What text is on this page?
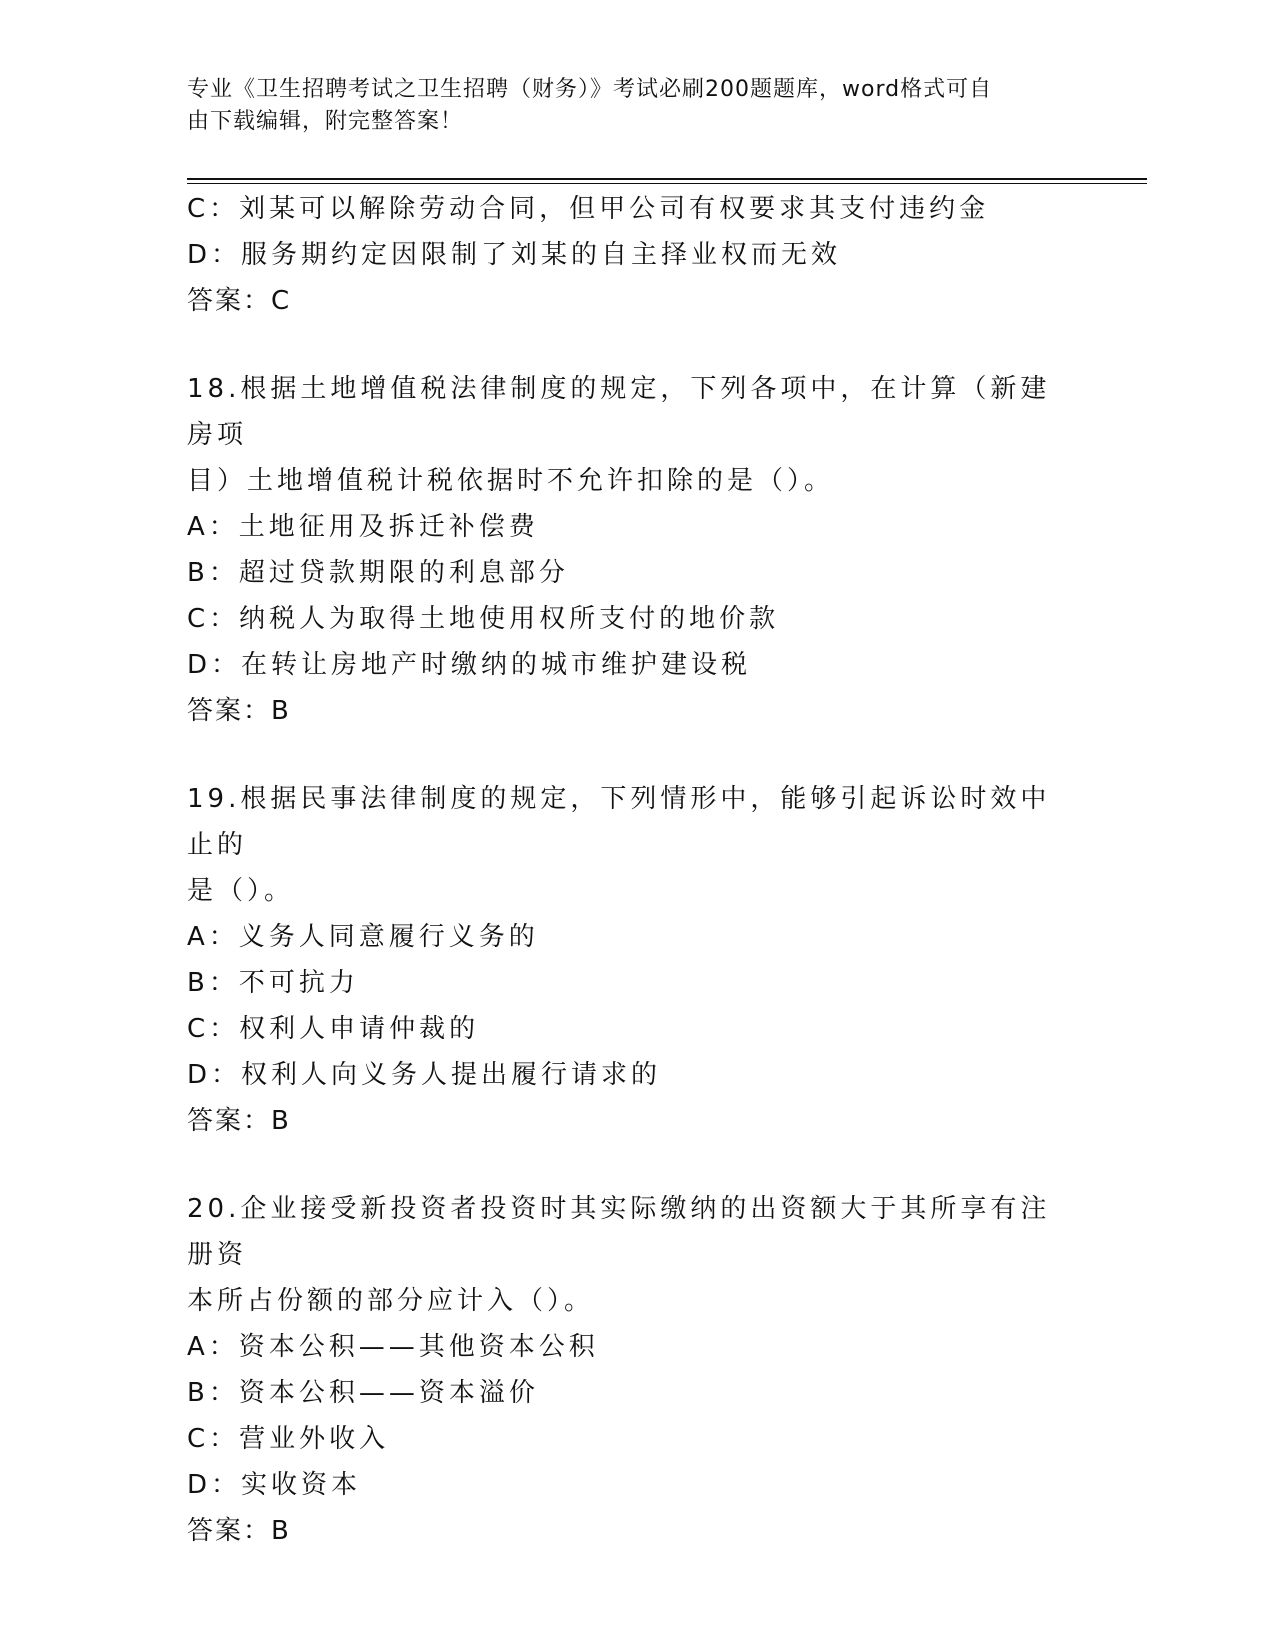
专业《卫生招聘考试之卫生招聘（财务）》考试必刷200题题库，word格式可自
由下载编辑，附完整答案！
C：刘某可以解除劳动合同，但甲公司有权要求其支付违约金
D：服务期约定因限制了刘某的自主择业权而无效
答案：C
18.根据土地增值税法律制度的规定，下列各项中，在计算（新建房项
目）土地增值税计税依据时不允许扣除的是（）。
A：土地征用及拆迁补偿费
B：超过贷款期限的利息部分
C：纳税人为取得土地使用权所支付的地价款
D：在转让房地产时缴纳的城市维护建设税
答案：B
19.根据民事法律制度的规定，下列情形中，能够引起诉讼时效中止的
是（）。
A：义务人同意履行义务的
B：不可抗力
C：权利人申请仲裁的
D：权利人向义务人提出履行请求的
答案：B
20.企业接受新投资者投资时其实际缴纳的出资额大于其所享有注册资
本所占份额的部分应计入（）。
A：资本公积——其他资本公积
B：资本公积——资本溢价
C：营业外收入
D：实收资本
答案：B
